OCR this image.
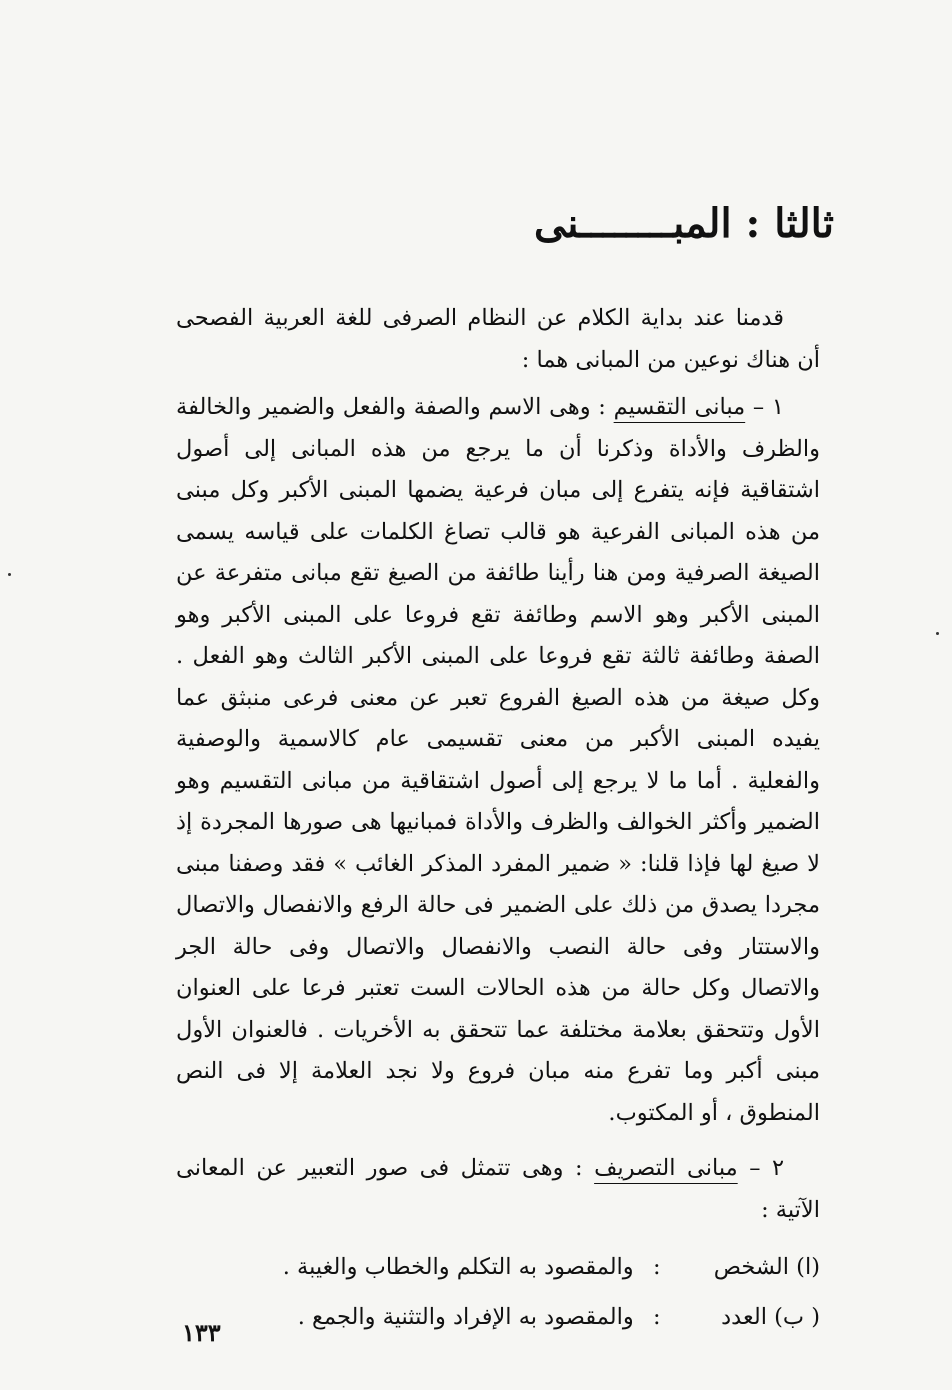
ثالثا : المبــــــــنى

قدمنا عند بداية الكلام عن النظام الصرفى للغة العربية الفصحى أن هناك نوعين من المبانى هما :

١ – مبانى التقسيم : وهى الاسم والصفة والفعل والضمير والخالفة والظرف والأداة وذكرنا أن ما يرجع من هذه المبانى إلى أصول اشتقاقية فإنه يتفرع إلى مبان فرعية يضمها المبنى الأكبر وكل مبنى من هذه المبانى الفرعية هو قالب تصاغ الكلمات على قياسه يسمى الصيغة الصرفية ومن هنا رأينا طائفة من الصيغ تقع مبانى متفرعة عن المبنى الأكبر وهو الاسم وطائفة تقع فروعا على المبنى الأكبر وهو الصفة وطائفة ثالثة تقع فروعا على المبنى الأكبر الثالث وهو الفعل . وكل صيغة من هذه الصيغ الفروع تعبر عن معنى فرعى منبثق عما يفيده المبنى الأكبر من معنى تقسيمى عام كالاسمية والوصفية والفعلية . أما ما لا يرجع إلى أصول اشتقاقية من مبانى التقسيم وهو الضمير وأكثر الخوالف والظرف والأداة فمبانيها هى صورها المجردة إذ لا صيغ لها فإذا قلنا: « ضمير المفرد المذكر الغائب » فقد وصفنا مبنى مجردا يصدق من ذلك على الضمير فى حالة الرفع والانفصال والاتصال والاستتار وفى حالة النصب والانفصال والاتصال وفى حالة الجر والاتصال وكل حالة من هذه الحالات الست تعتبر فرعا على العنوان الأول وتتحقق بعلامة مختلفة عما تتحقق به الأخريات . فالعنوان الأول مبنى أكبر وما تفرع منه مبان فروع ولا نجد العلامة إلا فى النص المنطوق ، أو المكتوب.

٢ – مبانى التصريف : وهى تتمثل فى صور التعبير عن المعانى الآتية :

(ا) الشخص : والمقصود به التكلم والخطاب والغيبة .

( ب) العدد : والمقصود به الإفراد والتثنية والجمع .

١٣٣
